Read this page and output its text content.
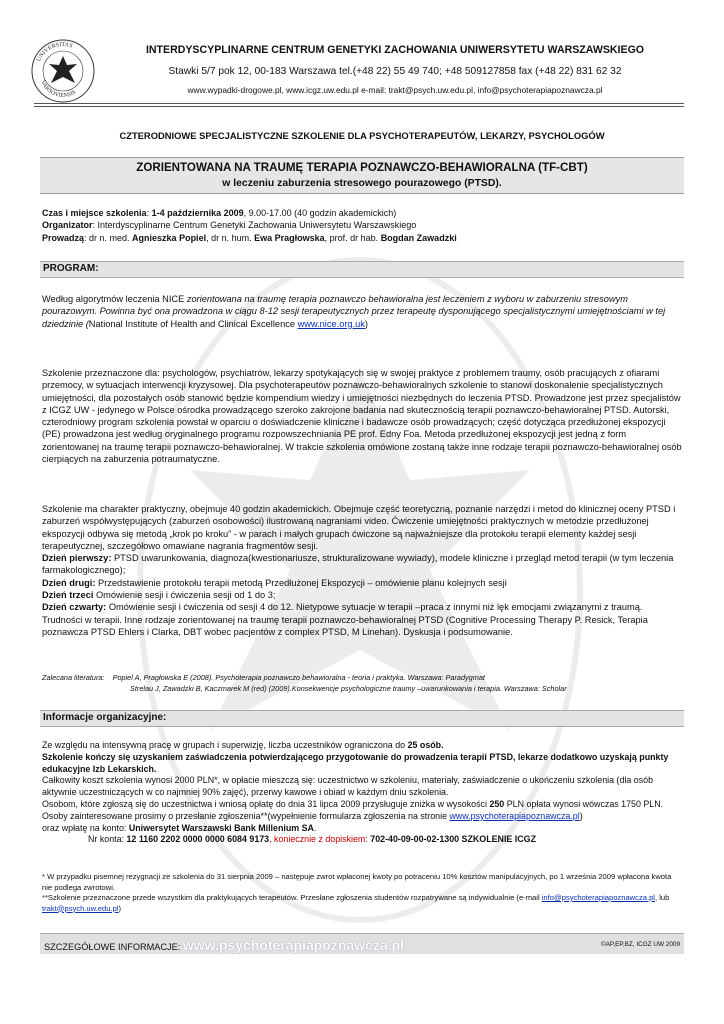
UNIVERSITAS
VARSOVIENSIS
INTERDYSCYPLINARNE CENTRUM GENETYKI ZACHOWANIA UNIWERSYTETU WARSZAWSKIEGO
Stawki 5/7 pok 12, 00-183 Warszawa tel.(+48 22) 55 49 740; +48 509127858 fax (+48 22) 831 62 32
www.wypadki-drogowe.pl, www.icgz.uw.edu.pl e-mail: trakt@psych.uw.edu.pl, info@psychoterapiapoznawcza.pl
CZTERODNIOWE SPECJALISTYCZNE SZKOLENIE DLA PSYCHOTERAPEUTÓW, LEKARZY, PSYCHOLOGÓW
ZORIENTOWANA NA TRAUMĘ TERAPIA POZNAWCZO-BEHAWIORALNA (TF-CBT)
w leczeniu zaburzenia stresowego pourazowego (PTSD).
Czas i miejsce szkolenia: 1-4 października 2009, 9.00-17.00 (40 godzin akademickich)
Organizator: Interdyscyplinarne Centrum Genetyki Zachowania Uniwersytetu Warszawskiego
Prowadzą: dr n. med. Agnieszka Popiel, dr n. hum. Ewa Pragłowska, prof. dr hab. Bogdan Zawadzki
PROGRAM:

Według algorytmów leczenia NICE zorientowana na traumę terapia poznawczo behawioralna jest leczeniem z wyboru w zaburzeniu stresowym pourazowym. Powinna być ona prowadzona w ciągu 8-12 sesji terapeutycznych przez terapeutę dysponującego specjalistycznymi umiejętnościami w tej dziedzinie (National Institute of Health and Clinical Excellence www.nice.org.uk)

Szkolenie przeznaczone dla: psychologów, psychiatrów, lekarzy spotykających się w swojej praktyce z problemem traumy, osób pracujących z ofiarami przemocy, w sytuacjach interwencji kryzysowej. Dla psychoterapeutów poznawczo-behawioralnych szkolenie to stanowi doskonalenie specjalistycznych umiejętności, dla pozostałych osób stanowić będzie kompendium wiedzy i umiejętności niezbędnych do leczenia PTSD. Prowadzone jest przez specjalistów z ICGZ UW - jedynego w Polsce ośrodka prowadzącego szeroko zakrojone badania nad skutecznością terapii poznawczo-behawioralnej PTSD. Autorski, czterodniowy program szkolenia powstał w oparciu o doświadczenie kliniczne i badawcze osób prowadzących; część dotycząca przedłużonej ekspozycji (PE) prowadzona jest według oryginalnego programu rozpowszechniania PE prof. Edny Foa. Metoda przedłużonej ekspozycji jest jedną z form zorientowanej na traumę terapii poznawczo-behawioralnej. W trakcie szkolenia omówione zostaną także inne rodzaje terapii poznawczo-behawioralnej osób cierpiących na zaburzenia potraumatyczne.

Szkolenie ma charakter praktyczny, obejmuje 40 godzin akademickich. Obejmuje część teoretyczną, poznanie narzędzi i metod do klinicznej oceny PTSD i zaburzeń współwystępujących (zaburzeń osobowości) ilustrowaną nagraniami video. Ćwiczenie umiejętności praktycznych w metodzie przedłużonej ekspozycji odbywa się metodą „krok po kroku” - w parach i małych grupach ćwiczone są najważniejsze dla protokołu terapii elementy każdej sesji terapeutycznej, szczegółowo omawiane nagrania fragmentów sesji.

Dzień pierwszy: PTSD uwarunkowania, diagnoza(kwestionariusze, strukturalizowane wywiady), modele kliniczne i przegląd metod terapii (w tym leczenia farmakologicznego);

Dzień drugi: Przedstawienie protokołu terapii metodą Przedłużonej Ekspozycji – omówienie planu kolejnych sesji

Dzień trzeci Omówienie sesji i ćwiczenia sesji od 1 do 3;

Dzień czwarty: Omówienie sesji i ćwiczenia od sesji 4 do 12. Nietypowe sytuacje w terapii –praca z innymi niż lęk emocjami związanymi z traumą. Trudności w terapii. Inne rodzaje zorientowanej na traumę terapii poznawczo-behawioralnej PTSD (Cognitive Processing Therapy P. Resick, Terapia poznawcza PTSD Ehlers i Clarka, DBT wobec pacjentów z complex PTSD, M Linehan). Dyskusja i podsumowanie.

Zalecana literatura: Popiel A, Pragłowska E (2008). Psychoterapia poznawczo behawioralna - teoria i praktyka. Warszawa: Paradygmat
Strelau J, Zawadzki B, Kaczmarek M (red) (2009).Konsekwencje psychologiczne traumy –uwarunkowania i terapia. Warszawa: Scholar
Informacje organizacyjne:

Ze względu na intensywną pracę w grupach i superwizję, liczba uczestników ograniczona do 25 osób.

Szkolenie kończy się uzyskaniem zaświadczenia potwierdzającego przygotowanie do prowadzenia terapii PTSD, lekarze dodatkowo uzyskają punkty edukacyjne Izb Lekarskich.

Całkowity koszt szkolenia wynosi 2000 PLN*, w opłacie mieszczą się: uczestnictwo w szkoleniu, materiały, zaświadczenie o ukończeniu szkolenia (dla osób aktywnie uczestniczących w co najmniej 90% zajęć), przerwy kawowe i obiad w każdym dniu szkolenia.

Osobom, które zgłoszą się do uczestnictwa i wniosą opłatę do dnia 31 lipca 2009 przysługuje zniżka w wysokości 250 PLN opłata wynosi wówczas 1750 PLN.

Osoby zainteresowane prosimy o przesłanie zgłoszenia**(wypełnienie formularza zgłoszenia na stronie www.psychoterapiapoznawcza.pl)

oraz wpłatę na konto: Uniwersytet Warszawski Bank Millenium SA.

Nr konta: 12 1160 2202 0000 0000 6084 9173, koniecznie z dopiskiem: 702-40-09-00-02-1300 SZKOLENIE ICGZ

* W przypadku pisemnej rezygnacji ze szkolenia do 31 sierpnia 2009 – następuje zwrot wpłaconej kwoty po potraceniu 10% kosztów manipulacyjnych, po 1 września 2009 wpłacona kwota nie podlega zwrotowi.
**Szkolenie przeznaczone przede wszystkim dla praktykujących terapeutów. Przesłane zgłoszenia studentów rozpatrywane są indywidualnie (e-mail info@psychoterapiapoznawcza.pl, lub trakt@psych.uw.edu.pl)
SZCZEGÓŁOWE INFORMACJE: www.psychoterapiapoznawcza.pl	©AP,EP,BZ, ICGZ UW 2009
